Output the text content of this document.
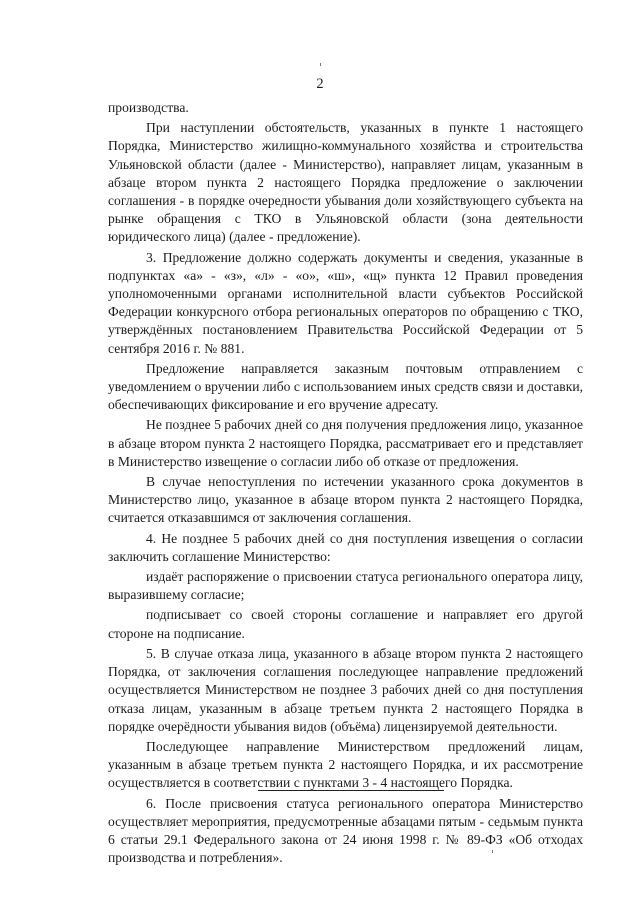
2

производства.

При наступлении обстоятельств, указанных в пункте 1 настоящего Порядка, Министерство жилищно-коммунального хозяйства и строительства Ульяновской области (далее - Министерство), направляет лицам, указанным в абзаце втором пункта 2 настоящего Порядка предложение о заключении соглашения - в порядке очередности убывания доли хозяйствующего субъекта на рынке обращения с ТКО в Ульяновской области (зона деятельности юридического лица) (далее - предложение).

3. Предложение должно содержать документы и сведения, указанные в подпунктах «а» - «з», «л» - «о», «ш», «щ» пункта 12 Правил проведения уполномоченными органами исполнительной власти субъектов Российской Федерации конкурсного отбора региональных операторов по обращению с ТКО, утверждённых постановлением Правительства Российской Федерации от 5 сентября 2016 г. № 881.

Предложение направляется заказным почтовым отправлением с уведомлением о вручении либо с использованием иных средств связи и доставки, обеспечивающих фиксирование и его вручение адресату.

Не позднее 5 рабочих дней со дня получения предложения лицо, указанное в абзаце втором пункта 2 настоящего Порядка, рассматривает его и представляет в Министерство извещение о согласии либо об отказе от предложения.

В случае непоступления по истечении указанного срока документов в Министерство лицо, указанное в абзаце втором пункта 2 настоящего Порядка, считается отказавшимся от заключения соглашения.

4. Не позднее 5 рабочих дней со дня поступления извещения о согласии заключить соглашение Министерство:

издаёт распоряжение о присвоении статуса регионального оператора лицу, выразившему согласие;

подписывает со своей стороны соглашение и направляет его другой стороне на подписание.

5. В случае отказа лица, указанного в абзаце втором пункта 2 настоящего Порядка, от заключения соглашения последующее направление предложений осуществляется Министерством не позднее 3 рабочих дней со дня поступления отказа лицам, указанным в абзаце третьем пункта 2 настоящего Порядка в порядке очерёдности убывания видов (объёма) лицензируемой деятельности.

Последующее направление Министерством предложений лицам, указанным в абзаце третьем пункта 2 настоящего Порядка, и их рассмотрение осуществляется в соответствии с пунктами 3 - 4 настоящего Порядка.

6. После присвоения статуса регионального оператора Министерство осуществляет мероприятия, предусмотренные абзацами пятым - седьмым пункта 6 статьи 29.1 Федерального закона от 24 июня 1998 г. № 89-ФЗ «Об отходах производства и потребления».
